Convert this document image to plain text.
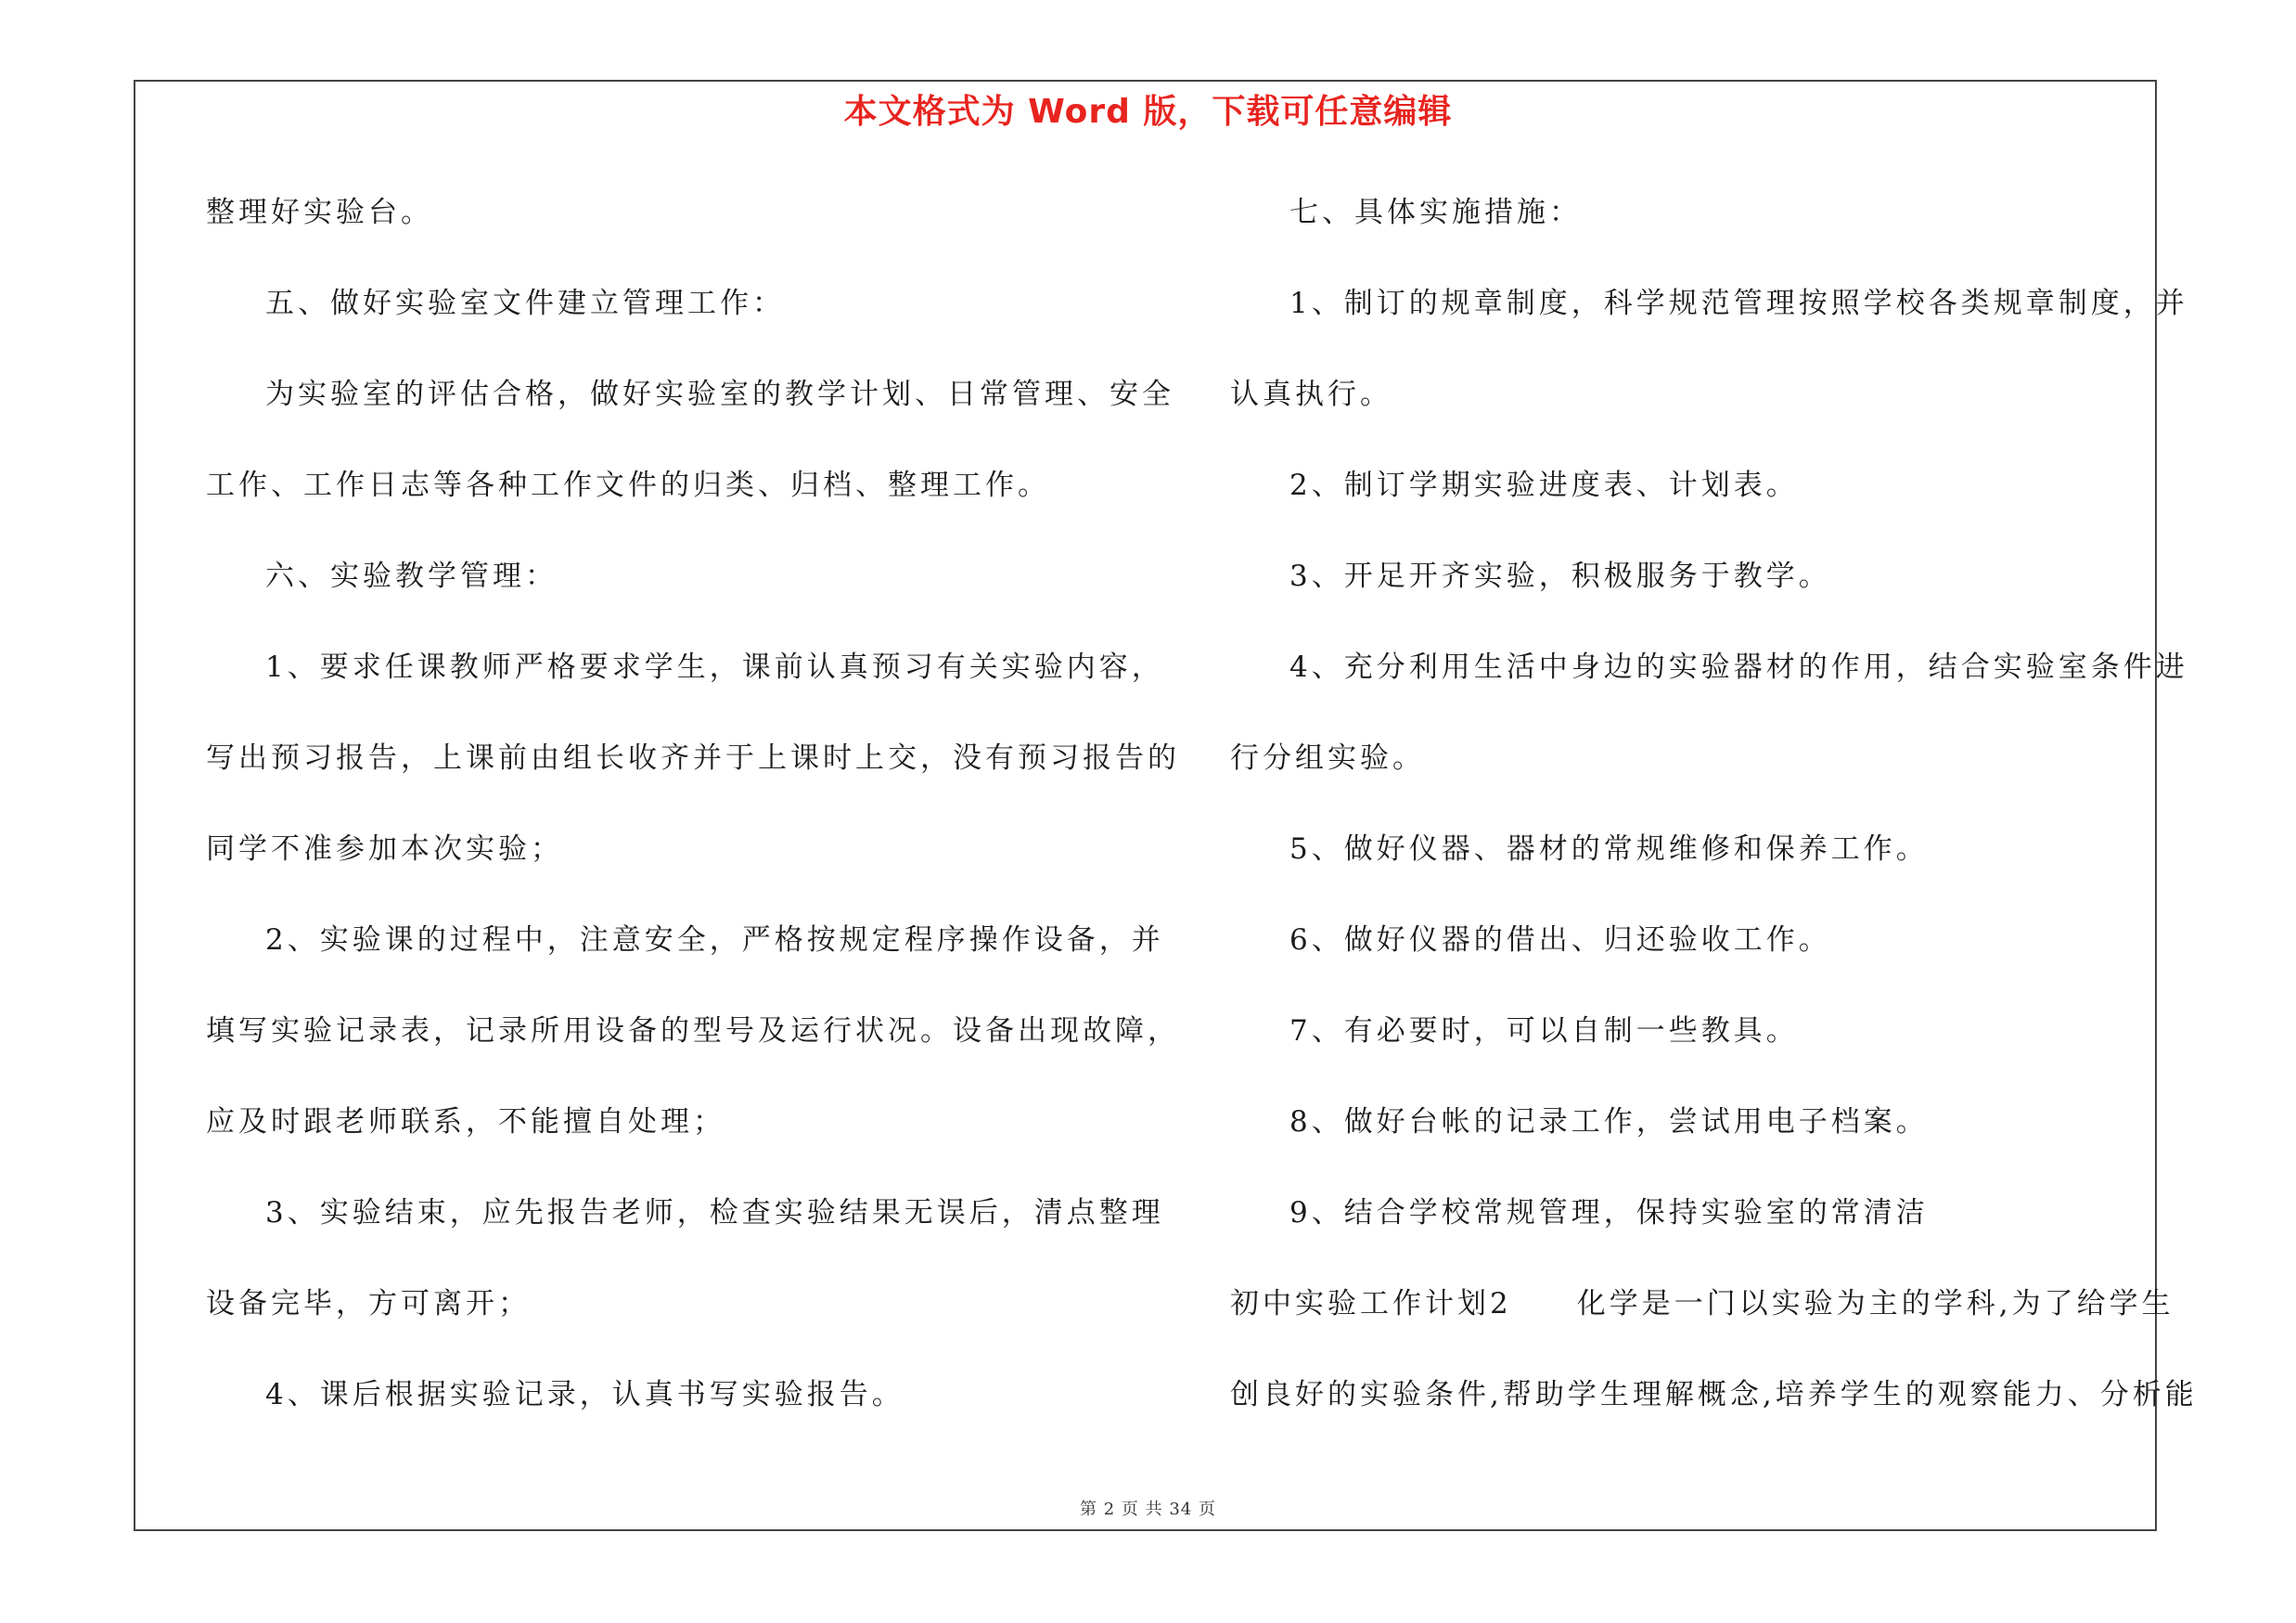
本文格式为 Word 版，下载可任意编辑
整理好实验台。
五、做好实验室文件建立管理工作：
为实验室的评估合格，做好实验室的教学计划、日常管理、安全
工作、工作日志等各种工作文件的归类、归档、整理工作。
六、实验教学管理：
1、要求任课教师严格要求学生，课前认真预习有关实验内容，
写出预习报告，上课前由组长收齐并于上课时上交，没有预习报告的
同学不准参加本次实验；
2、实验课的过程中，注意安全，严格按规定程序操作设备，并
填写实验记录表，记录所用设备的型号及运行状况。设备出现故障，
应及时跟老师联系，不能擅自处理；
3、实验结束，应先报告老师，检查实验结果无误后，清点整理
设备完毕，方可离开；
4、课后根据实验记录，认真书写实验报告。
七、具体实施措施：
1、制订的规章制度，科学规范管理按照学校各类规章制度，并
认真执行。
2、制订学期实验进度表、计划表。
3、开足开齐实验，积极服务于教学。
4、充分利用生活中身边的实验器材的作用，结合实验室条件进
行分组实验。
5、做好仪器、器材的常规维修和保养工作。
6、做好仪器的借出、归还验收工作。
7、有必要时，可以自制一些教具。
8、做好台帐的记录工作，尝试用电子档案。
9、结合学校常规管理，保持实验室的常清洁
初中实验工作计划2　　化学是一门以实验为主的学科,为了给学生
创良好的实验条件,帮助学生理解概念,培养学生的观察能力、分析能
第 2 页 共 34 页
